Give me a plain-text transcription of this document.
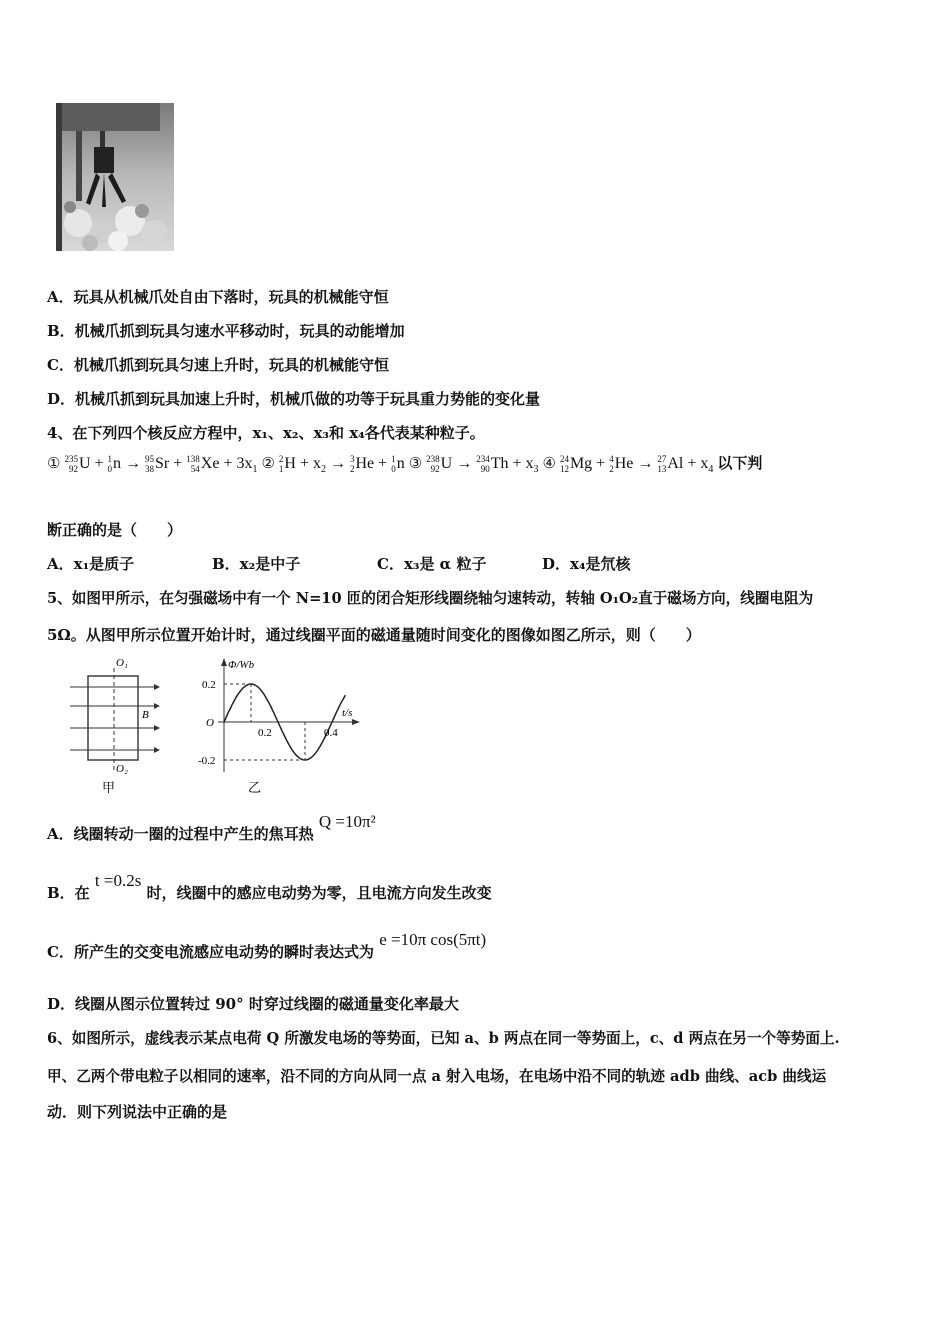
A．玩具从机械爪处自由下落时，玩具的机械能守恒
B．机械爪抓到玩具匀速水平移动时，玩具的动能增加
C．机械爪抓到玩具匀速上升时，玩具的机械能守恒
D．机械爪抓到玩具加速上升时，机械爪做的功等于玩具重力势能的变化量
4、在下列四个核反应方程中，x₁、x₂、x₃和 x₄各代表某种粒子。
① 235
92 U + 1
0 n → 95
38 Sr + 138
54 $Xe + 3x_1$ ② 2
1 $H + x_2 \to 3$
2 He + 1
0 n ③ 238
92 U → 234
90 $Th + x_3$ ④ 24
12 Mg + 4
2 He → 27
13 $Al + x_4$ 以下判
断正确的是（　　）
A．x₁是质子	B．x₂是中子	C．x₃是 α 粒子	D．x₄是氘核
5、如图甲所示，在匀强磁场中有一个 N=10 匝的闭合矩形线圈绕轴匀速转动，转轴 O₁O₂直于磁场方向，线圈电阻为
5Ω。从图甲所示位置开始计时，通过线圈平面的磁通量随时间变化的图像如图乙所示，则（　　）
O₁
O₂
B
甲
Φ/Wb
t/s
O
0.2
-0.2
0.2	0.4
乙
A．线圈转动一圈的过程中产生的焦耳热 Q =10π²
B．在 t =0.2s 时，线圈中的感应电动势为零，且电流方向发生改变
C．所产生的交变电流感应电动势的瞬时表达式为 e =10π cos(5πt)
D．线圈从图示位置转过 90° 时穿过线圈的磁通量变化率最大
6、如图所示，虚线表示某点电荷 Q 所激发电场的等势面，已知 a、b 两点在同一等势面上，c、d 两点在另一个等势面上.
甲、乙两个带电粒子以相同的速率，沿不同的方向从同一点 a 射入电场，在电场中沿不同的轨迹 adb 曲线、acb 曲线运
动．则下列说法中正确的是
